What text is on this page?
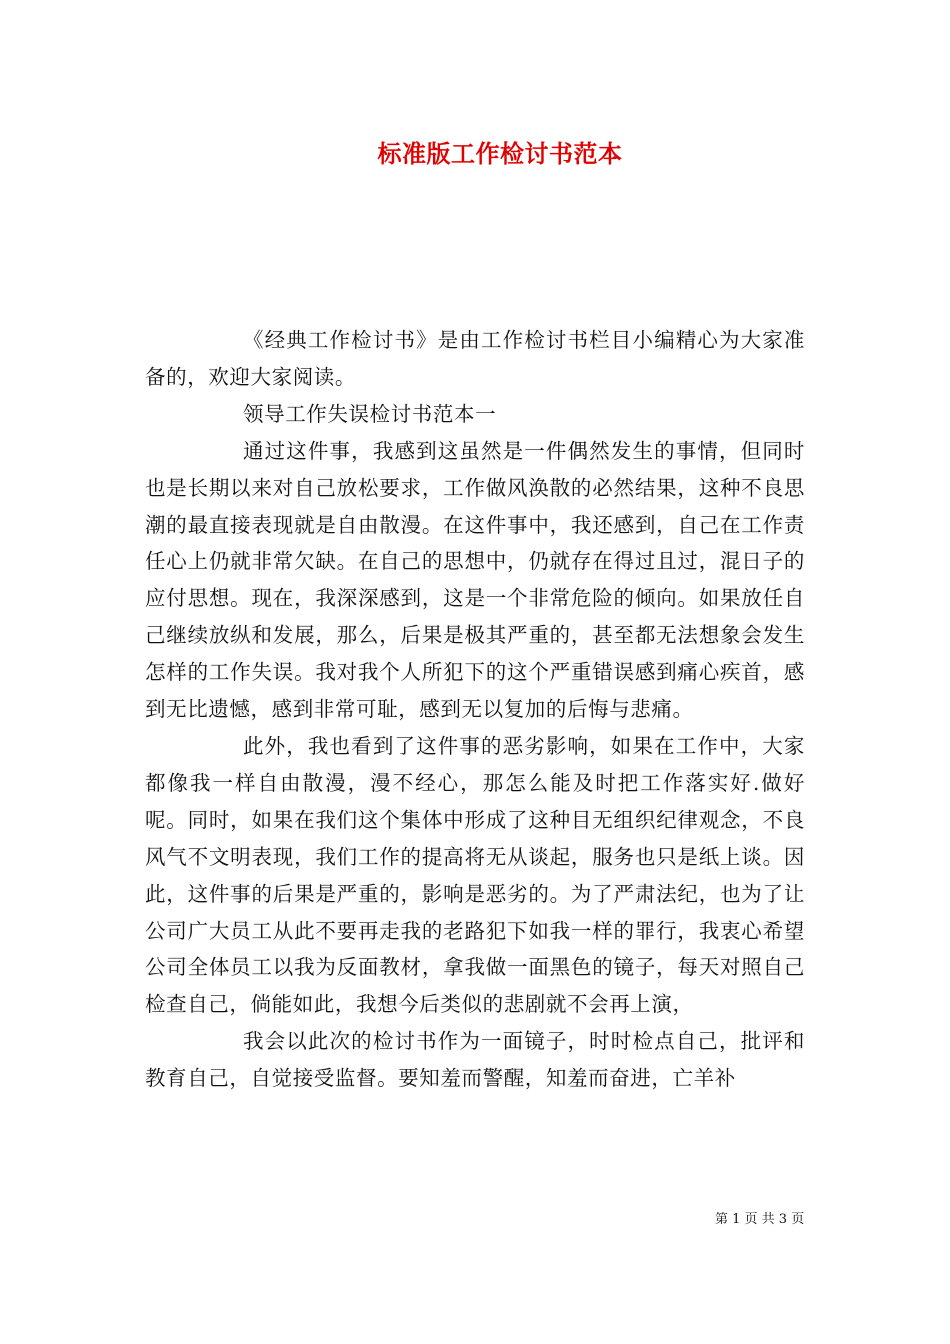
标准版工作检讨书范本

《经典工作检讨书》是由工作检讨书栏目小编精心为大家准备的，欢迎大家阅读。

领导工作失误检讨书范本一

通过这件事，我感到这虽然是一件偶然发生的事情，但同时也是长期以来对自己放松要求，工作做风涣散的必然结果，这种不良思潮的最直接表现就是自由散漫。在这件事中，我还感到，自己在工作责任心上仍就非常欠缺。在自己的思想中，仍就存在得过且过，混日子的应付思想。现在，我深深感到，这是一个非常危险的倾向。如果放任自己继续放纵和发展，那么，后果是极其严重的，甚至都无法想象会发生怎样的工作失误。我对我个人所犯下的这个严重错误感到痛心疾首，感到无比遗憾，感到非常可耻，感到无以复加的后悔与悲痛。

此外，我也看到了这件事的恶劣影响，如果在工作中，大家都像我一样自由散漫，漫不经心，那怎么能及时把工作落实好.做好呢。同时，如果在我们这个集体中形成了这种目无组织纪律观念，不良风气不文明表现，我们工作的提高将无从谈起，服务也只是纸上谈。因此，这件事的后果是严重的，影响是恶劣的。为了严肃法纪，也为了让公司广大员工从此不要再走我的老路犯下如我一样的罪行，我衷心希望公司全体员工以我为反面教材，拿我做一面黑色的镜子，每天对照自己检查自己，倘能如此，我想今后类似的悲剧就不会再上演，

我会以此次的检讨书作为一面镜子，时时检点自己，批评和教育自己，自觉接受监督。要知羞而警醒，知羞而奋进，亡羊补

第 1 页 共 3 页
